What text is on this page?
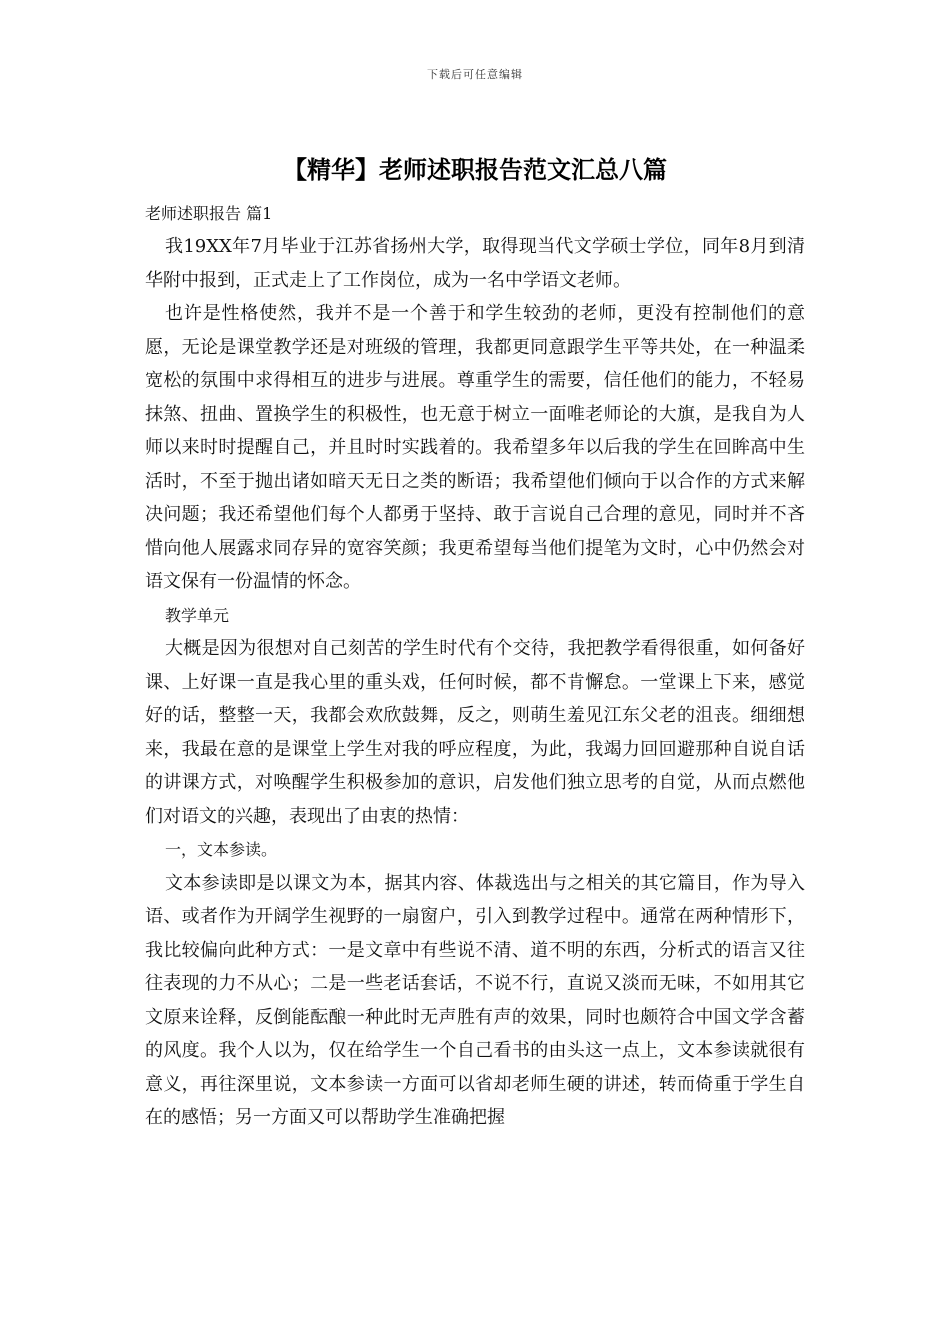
下载后可任意编辑
【精华】老师述职报告范文汇总八篇

老师述职报告 篇1

我19XX年7月毕业于江苏省扬州大学，取得现当代文学硕士学位，同年8月到清华附中报到，正式走上了工作岗位，成为一名中学语文老师。

也许是性格使然，我并不是一个善于和学生较劲的老师，更没有控制他们的意愿，无论是课堂教学还是对班级的管理，我都更同意跟学生平等共处，在一种温柔宽松的氛围中求得相互的进步与进展。尊重学生的需要，信任他们的能力，不轻易抹煞、扭曲、置换学生的积极性，也无意于树立一面唯老师论的大旗，是我自为人师以来时时提醒自己，并且时时实践着的。我希望多年以后我的学生在回眸高中生活时，不至于抛出诸如暗天无日之类的断语；我希望他们倾向于以合作的方式来解决问题；我还希望他们每个人都勇于坚持、敢于言说自己合理的意见，同时并不吝惜向他人展露求同存异的宽容笑颜；我更希望每当他们提笔为文时，心中仍然会对语文保有一份温情的怀念。

教学单元

大概是因为很想对自己刻苦的学生时代有个交待，我把教学看得很重，如何备好课、上好课一直是我心里的重头戏，任何时候，都不肯懈怠。一堂课上下来，感觉好的话，整整一天，我都会欢欣鼓舞，反之，则萌生羞见江东父老的沮丧。细细想来，我最在意的是课堂上学生对我的呼应程度，为此，我竭力回回避那种自说自话的讲课方式，对唤醒学生积极参加的意识，启发他们独立思考的自觉，从而点燃他们对语文的兴趣，表现出了由衷的热情：

一，文本参读。

文本参读即是以课文为本，据其内容、体裁选出与之相关的其它篇目，作为导入语、或者作为开阔学生视野的一扇窗户，引入到教学过程中。通常在两种情形下，我比较偏向此种方式：一是文章中有些说不清、道不明的东西，分析式的语言又往往表现的力不从心；二是一些老话套话，不说不行，直说又淡而无味，不如用其它文原来诠释，反倒能酝酿一种此时无声胜有声的效果，同时也颇符合中国文学含蓄的风度。我个人以为，仅在给学生一个自己看书的由头这一点上，文本参读就很有意义，再往深里说，文本参读一方面可以省却老师生硬的讲述，转而倚重于学生自在的感悟；另一方面又可以帮助学生准确把握
